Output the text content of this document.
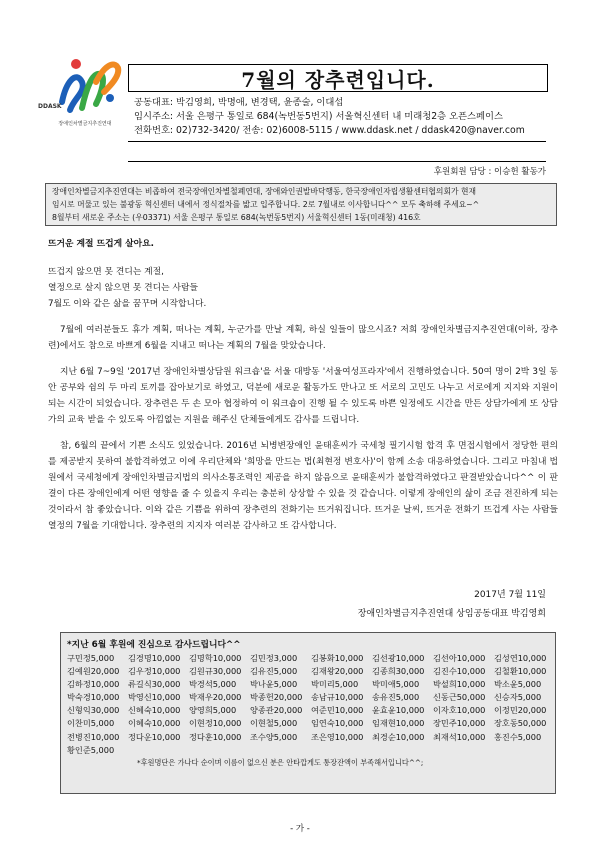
DDASK
장애인차별금지추진연대
7월의 장추련입니다.
공동대표: 박김영희, 박명애, 변경택, 윤종술, 이대섭
임시주소: 서울 은평구 통일로 684(녹번동5번지) 서울혁신센터 내 미래청2층 오픈스페이스
전화번호: 02)732-3420/ 전송: 02)6008-5115 / www.ddask.net / ddask420@naver.com
후원회원 담당 : 이승헌 활동가

장애인차별금지추진연대는 비좁하여 전국장애인차별철폐연대, 장애와인권발바닥행동, 한국장애인자립생활센터협의회가 현재

임시로 머물고 있는 불광동 혁신센터 내에서 정식절차를 밟고 입주합니다. 2로 7월내로 이사합니다^^ 모두 축하해 주세요~^

8월부터 새로운 주소는 (우03371) 서울 은평구 통일로 684(녹번동5번지) 서울혁신센터 1동(미래청) 416호

뜨거운 계절 뜨겁게 살아요.

뜨겁지 않으면 못 견디는 계절,

열정으로 살지 않으면 못 견디는 사람들

7월도 이와 같은 삶을 꿈꾸며 시작합니다.

7월에 여러분들도 휴가 계획, 떠나는 계획, 누군가를 만날 계획, 하실 일들이 많으시죠? 저희 장애인차별금지추진연대(이하, 장추련)에서도 참으로 바쁘게 6월을 지내고 떠나는 계획의 7월을 맞았습니다.

지난 6월 7~9일 '2017년 장애인차별상담원 워크숍'을 서울 대방동 '서울여성프라자'에서 진행하였습니다. 50여 명이 2박 3일 동안 공부와 쉼의 두 마리 토끼를 잡아보기로 하였고, 덕분에 새로운 활동가도 만나고 또 서로의 고민도 나누고 서로에게 지지와 지원이 되는 시간이 되었습니다. 장추련은 두 손 모아 협정하여 이 워크숍이 진행 될 수 있도록 바쁜 일정에도 시간을 만든 상담가에게 또 상담가의 교육 받을 수 있도록 아낌없는 지원을 해주신 단체들에게도 감사를 드립니다.

참, 6월의 끝에서 기쁜 소식도 있었습니다. 2016년 뇌병변장애인 윤태훈씨가 국세청 필기시험 합격 후 면접시험에서 정당한 편의를 제공받지 못하여 불합격하였고 이에 우리단체와 '희망을 만드는 법(최현정 변호사)'이 함께 소송 대응하였습니다. 그리고 마침내 법원에서 국세청에게 장애인차별금지법의 의사소통조력인 제공을 하지 않음으로 윤태훈씨가 불합격하였다고 판결받았습니다^^ 이 판결이 다른 장애인에게 어떤 영향을 줄 수 있을지 우리는 충분히 상상할 수 있을 것 같습니다. 이렇게 장애인의 삶이 조금 전진하게 되는 것이라서 참 좋았습니다. 이와 같은 기쁨을 위하여 장추련의 전화기는 뜨거워집니다. 뜨거운 날씨, 뜨거운 전화기 뜨겁게 사는 사람들 열정의 7월을 기대합니다. 장추련의 지지자 여러분 감사하고 또 감사합니다.

2017년 7월 11일
장애인차별금지추진연대 상임공동대표 박김영희

*지난 6월 후원에 진심으로 감사드립니다^^

구민정5,000	김경명10,000	김명학10,000	김민정3,000	김봉화10,000	김선광10,000	김선아10,000	김성연10,000
김예원20,000	김우정10,000	김원규30,000	김유진5,000	김재왕20,000	김종희30,000	김진수10,000	김철환10,000
김하정10,000	류길식30,000	박경석5,000	박나윤5,000	박미리5,000	박미애5,000	박설희10,000	박소윤5,000
박숙경10,000	박영신10,000	박재우20,000	박종헌20,000	송남규10,000	송유진5,000	신동근50,000	신승자5,000
신형익30,000	신혜숙10,000	양영희5,000	양종관20,000	여준민10,000	윤효윤10,000	이자호10,000	이정민20,000
이찬미5,000	이혜숙10,000	이현정10,000	이현철5,000	임연숙10,000	임재현10,000	장민주10,000	장호동50,000
전병진10,000	정다운10,000	정다훈10,000	조수양5,000	조은영10,000	최경순10,000	최재석10,000	홍진수5,000
황인준5,000
*후원명단은 가나다 순이며 이름이 없으신 분은 안타깝게도 통장잔액이 부족해서입니다^^;
- 가 -
